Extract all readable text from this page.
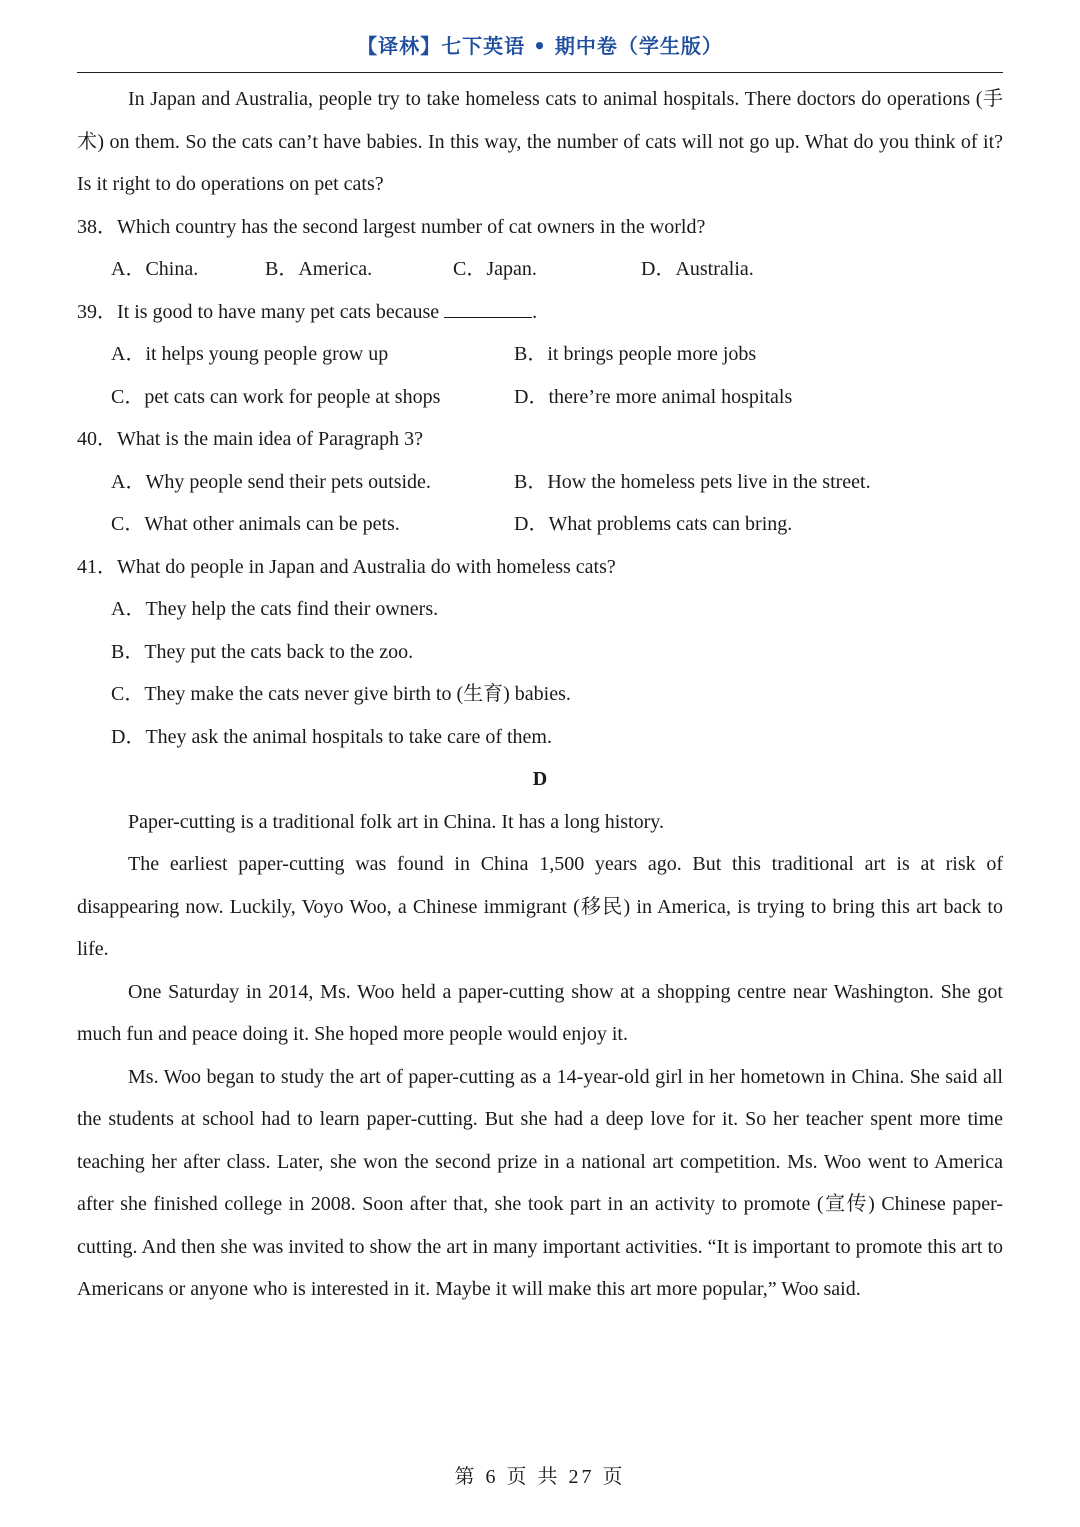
【译林】七下英语 • 期中卷（学生版）

In Japan and Australia, people try to take homeless cats to animal hospitals. There doctors do operations (手术) on them. So the cats can’t have babies. In this way, the number of cats will not go up. What do you think of it? Is it right to do operations on pet cats?

38．Which country has the second largest number of cat owners in the world?

A．China.	B．America.	C．Japan.	D．Australia.

39．It is good to have many pet cats because	.

A．it helps young people grow up	B．it brings people more jobs
C．pet cats can work for people at shops	D．there’re more animal hospitals

40．What is the main idea of Paragraph 3?

A．Why people send their pets outside.	B．How the homeless pets live in the street.
C．What other animals can be pets.	D．What problems cats can bring.

41．What do people in Japan and Australia do with homeless cats?

A．They help the cats find their owners.

B．They put the cats back to the zoo.

C．They make the cats never give birth to (生育) babies.

D．They ask the animal hospitals to take care of them.

D

Paper-cutting is a traditional folk art in China. It has a long history.

The earliest paper-cutting was found in China 1,500 years ago. But this traditional art is at risk of disappearing now. Luckily, Voyo Woo, a Chinese immigrant (移民) in America, is trying to bring this art back to life.

One Saturday in 2014, Ms. Woo held a paper-cutting show at a shopping centre near Washington. She got much fun and peace doing it. She hoped more people would enjoy it.

Ms. Woo began to study the art of paper-cutting as a 14-year-old girl in her hometown in China. She said all the students at school had to learn paper-cutting. But she had a deep love for it. So her teacher spent more time teaching her after class. Later, she won the second prize in a national art competition. Ms. Woo went to America after she finished college in 2008. Soon after that, she took part in an activity to promote (宣传) Chinese paper-cutting. And then she was invited to show the art in many important activities. “It is important to promote this art to Americans or anyone who is interested in it. Maybe it will make this art more popular,” Woo said.

第 6 页 共 27 页
